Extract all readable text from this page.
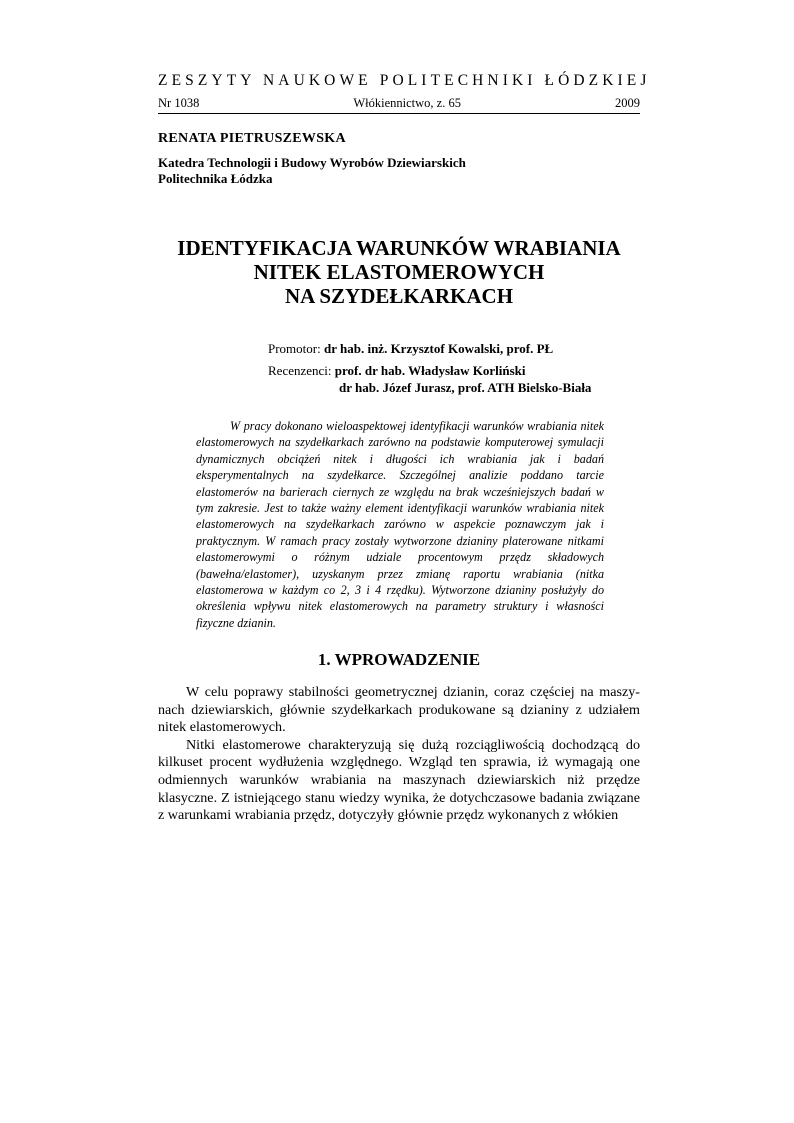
ZESZYTY NAUKOWE POLITECHNIKI ŁÓDZKIEJ
Nr 1038	Włókiennictwo, z. 65	2009
RENATA PIETRUSZEWSKA
Katedra Technologii i Budowy Wyrobów Dziewiarskich
Politechnika Łódzka
IDENTYFIKACJA WARUNKÓW WRABIANIA
NITEK ELASTOMEROWYCH
NA SZYDEŁKARKACH
Promotor: dr hab. inż. Krzysztof Kowalski, prof. PŁ
Recenzenci: prof. dr hab. Władysław Korliński
dr hab. Józef Jurasz, prof. ATH Bielsko-Biała

W pracy dokonano wieloaspektowej identyfikacji warunków wrabiania nitek elastomerowych na szydełkarkach zarówno na podstawie komputerowej symulacji dynamicznych obciążeń nitek i długości ich wrabiania jak i badań eksperymentalnych na szydełkarce. Szczególnej analizie poddano tarcie elastomerów na barierach ciernych ze względu na brak wcześniejszych badań w tym zakresie. Jest to także ważny element identyfikacji warunków wrabiania nitek elastomerowych na szydełkarkach zarówno w aspekcie poznawczym jak i praktycznym. W ramach pracy zostały wytworzone dzianiny platerowane nitkami elastomerowymi o różnym udziale procentowym przędz składowych (bawełna/elastomer), uzyskanym przez zmianę raportu wrabiania (nitka elastomerowa w każdym co 2, 3 i 4 rzędku). Wytworzone dzianiny posłużyły do określenia wpływu nitek elastomerowych na parametry struktury i własności fizyczne dzianin.

1. WPROWADZENIE

W celu poprawy stabilności geometrycznej dzianin, coraz częściej na maszy-nach dziewiarskich, głównie szydełkarkach produkowane są dzianiny z udziałem nitek elastomerowych.

Nitki elastomerowe charakteryzują się dużą rozciągliwością dochodzącą do kilkuset procent wydłużenia względnego. Wzgląd ten sprawia, iż wymagają one odmiennych warunków wrabiania na maszynach dziewiarskich niż przędze klasyczne. Z istniejącego stanu wiedzy wynika, że dotychczasowe badania związane z warunkami wrabiania przędz, dotyczyły głównie przędz wykonanych z włókien
